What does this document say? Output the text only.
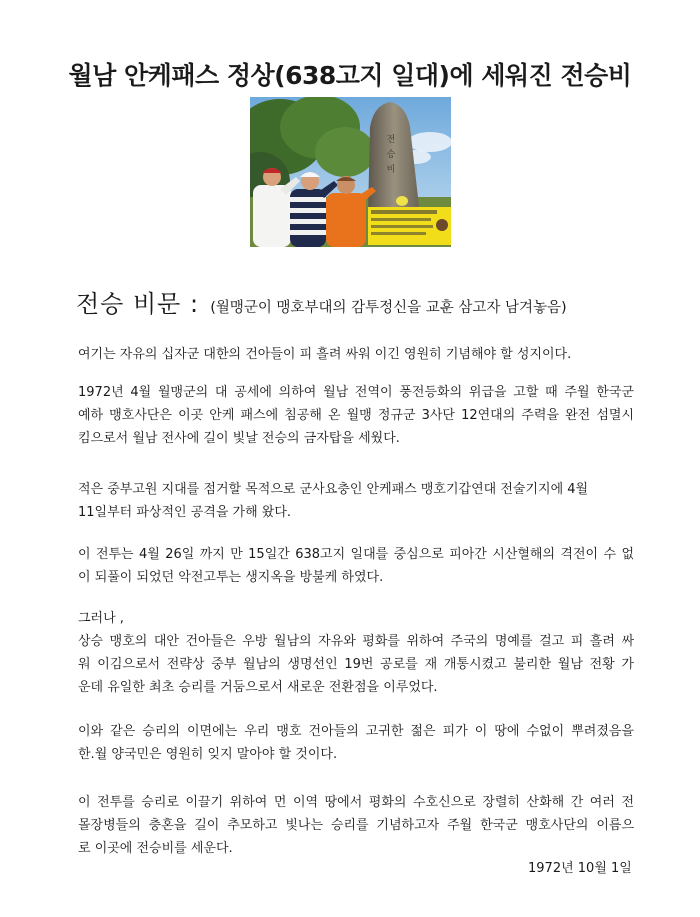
월남 안케패스 정상(638고지 일대)에 세워진 전승비
전
승
비
전승 비문 : (월맹군이 맹호부대의 감투정신을 교훈 삼고자 남겨놓음)
여기는 자유의 십자군 대한의 건아들이 피 흘려 싸워 이긴 영원히 기념해야 할 성지이다.
1972년 4월 월맹군의 대 공세에 의하여 월남 전역이 풍전등화의 위급을 고할 때 주월 한국군
예하 맹호사단은 이곳 안케 패스에 침공해 온 월맹 정규군 3사단 12연대의 주력을 완전 섬멸시
킴으로서 월남 전사에 길이 빛날 전승의 금자탑을 세웠다.
적은 중부고원 지대를 점거할 목적으로 군사요충인 안케패스 맹호기갑연대 전술기지에 4월
11일부터 파상적인 공격을 가해 왔다.
이 전투는 4월 26일 까지 만 15일간 638고지 일대를 중심으로 피아간 시산혈해의 격전이 수 없
이 되풀이 되었던 악전고투는 생지옥을 방불케 하였다.
그러나 ,
상승 맹호의 대안 건아들은 우방 월남의 자유와 평화를 위하여 주국의 명예를 걸고 피 흘려 싸
워 이김으로서 전략상 중부 월남의 생명선인 19번 공로를 재 개통시켰고 불리한 월남 전황 가
운데 유일한 최초 승리를 거둠으로서 새로운 전환점을 이루었다.
이와 같은 승리의 이면에는 우리 맹호 건아들의 고귀한 젊은 피가 이 땅에 수없이 뿌려졌음을
한.월 양국민은 영원히 잊지 말아야 할 것이다.
이 전투를 승리로 이끌기 위하여 먼 이역 땅에서 평화의 수호신으로 장렬히 산화해 간 여러 전
몰장병들의 충혼을 길이 추모하고 빛나는 승리를 기념하고자 주월 한국군 맹호사단의 이름으
로 이곳에 전승비를 세운다.
1972년 10월 1일
